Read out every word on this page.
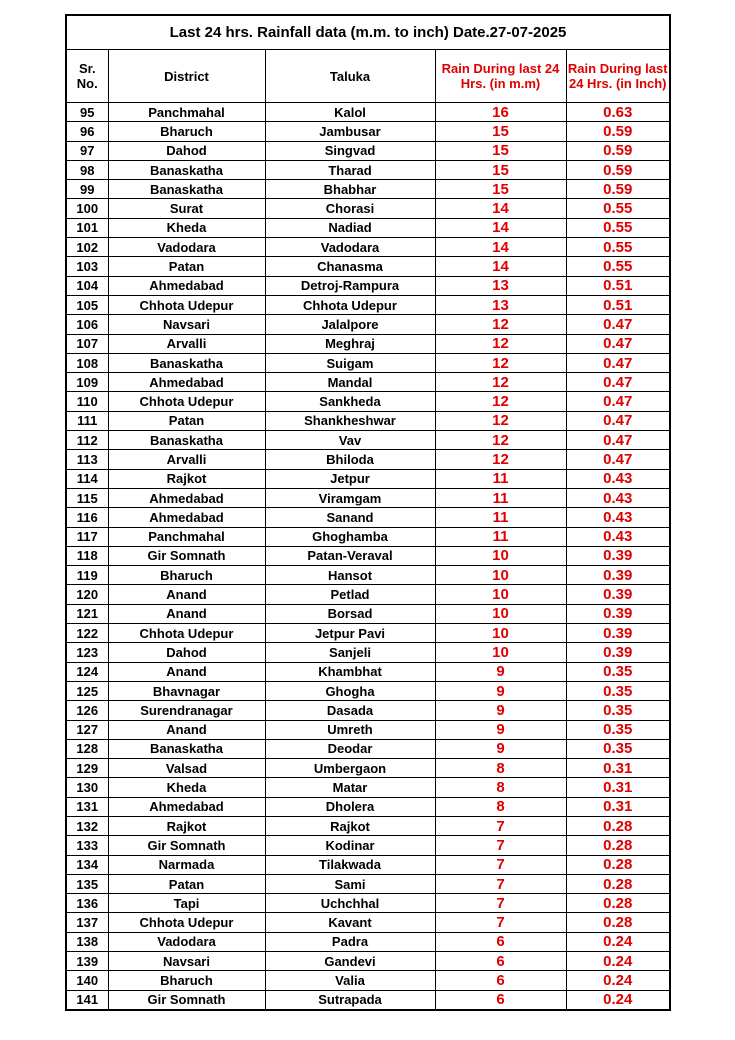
Last 24 hrs. Rainfall data (m.m. to inch) Date.27-07-2025
Sr. No.	District	Taluka	Rain During last 24 Hrs. (in m.m)	Rain During last 24 Hrs. (in Inch)
95	Panchmahal	Kalol	16	0.63
96	Bharuch	Jambusar	15	0.59
97	Dahod	Singvad	15	0.59
98	Banaskatha	Tharad	15	0.59
99	Banaskatha	Bhabhar	15	0.59
100	Surat	Chorasi	14	0.55
101	Kheda	Nadiad	14	0.55
102	Vadodara	Vadodara	14	0.55
103	Patan	Chanasma	14	0.55
104	Ahmedabad	Detroj-Rampura	13	0.51
105	Chhota Udepur	Chhota Udepur	13	0.51
106	Navsari	Jalalpore	12	0.47
107	Arvalli	Meghraj	12	0.47
108	Banaskatha	Suigam	12	0.47
109	Ahmedabad	Mandal	12	0.47
110	Chhota Udepur	Sankheda	12	0.47
111	Patan	Shankheshwar	12	0.47
112	Banaskatha	Vav	12	0.47
113	Arvalli	Bhiloda	12	0.47
114	Rajkot	Jetpur	11	0.43
115	Ahmedabad	Viramgam	11	0.43
116	Ahmedabad	Sanand	11	0.43
117	Panchmahal	Ghoghamba	11	0.43
118	Gir Somnath	Patan-Veraval	10	0.39
119	Bharuch	Hansot	10	0.39
120	Anand	Petlad	10	0.39
121	Anand	Borsad	10	0.39
122	Chhota Udepur	Jetpur Pavi	10	0.39
123	Dahod	Sanjeli	10	0.39
124	Anand	Khambhat	9	0.35
125	Bhavnagar	Ghogha	9	0.35
126	Surendranagar	Dasada	9	0.35
127	Anand	Umreth	9	0.35
128	Banaskatha	Deodar	9	0.35
129	Valsad	Umbergaon	8	0.31
130	Kheda	Matar	8	0.31
131	Ahmedabad	Dholera	8	0.31
132	Rajkot	Rajkot	7	0.28
133	Gir Somnath	Kodinar	7	0.28
134	Narmada	Tilakwada	7	0.28
135	Patan	Sami	7	0.28
136	Tapi	Uchchhal	7	0.28
137	Chhota Udepur	Kavant	7	0.28
138	Vadodara	Padra	6	0.24
139	Navsari	Gandevi	6	0.24
140	Bharuch	Valia	6	0.24
141	Gir Somnath	Sutrapada	6	0.24
